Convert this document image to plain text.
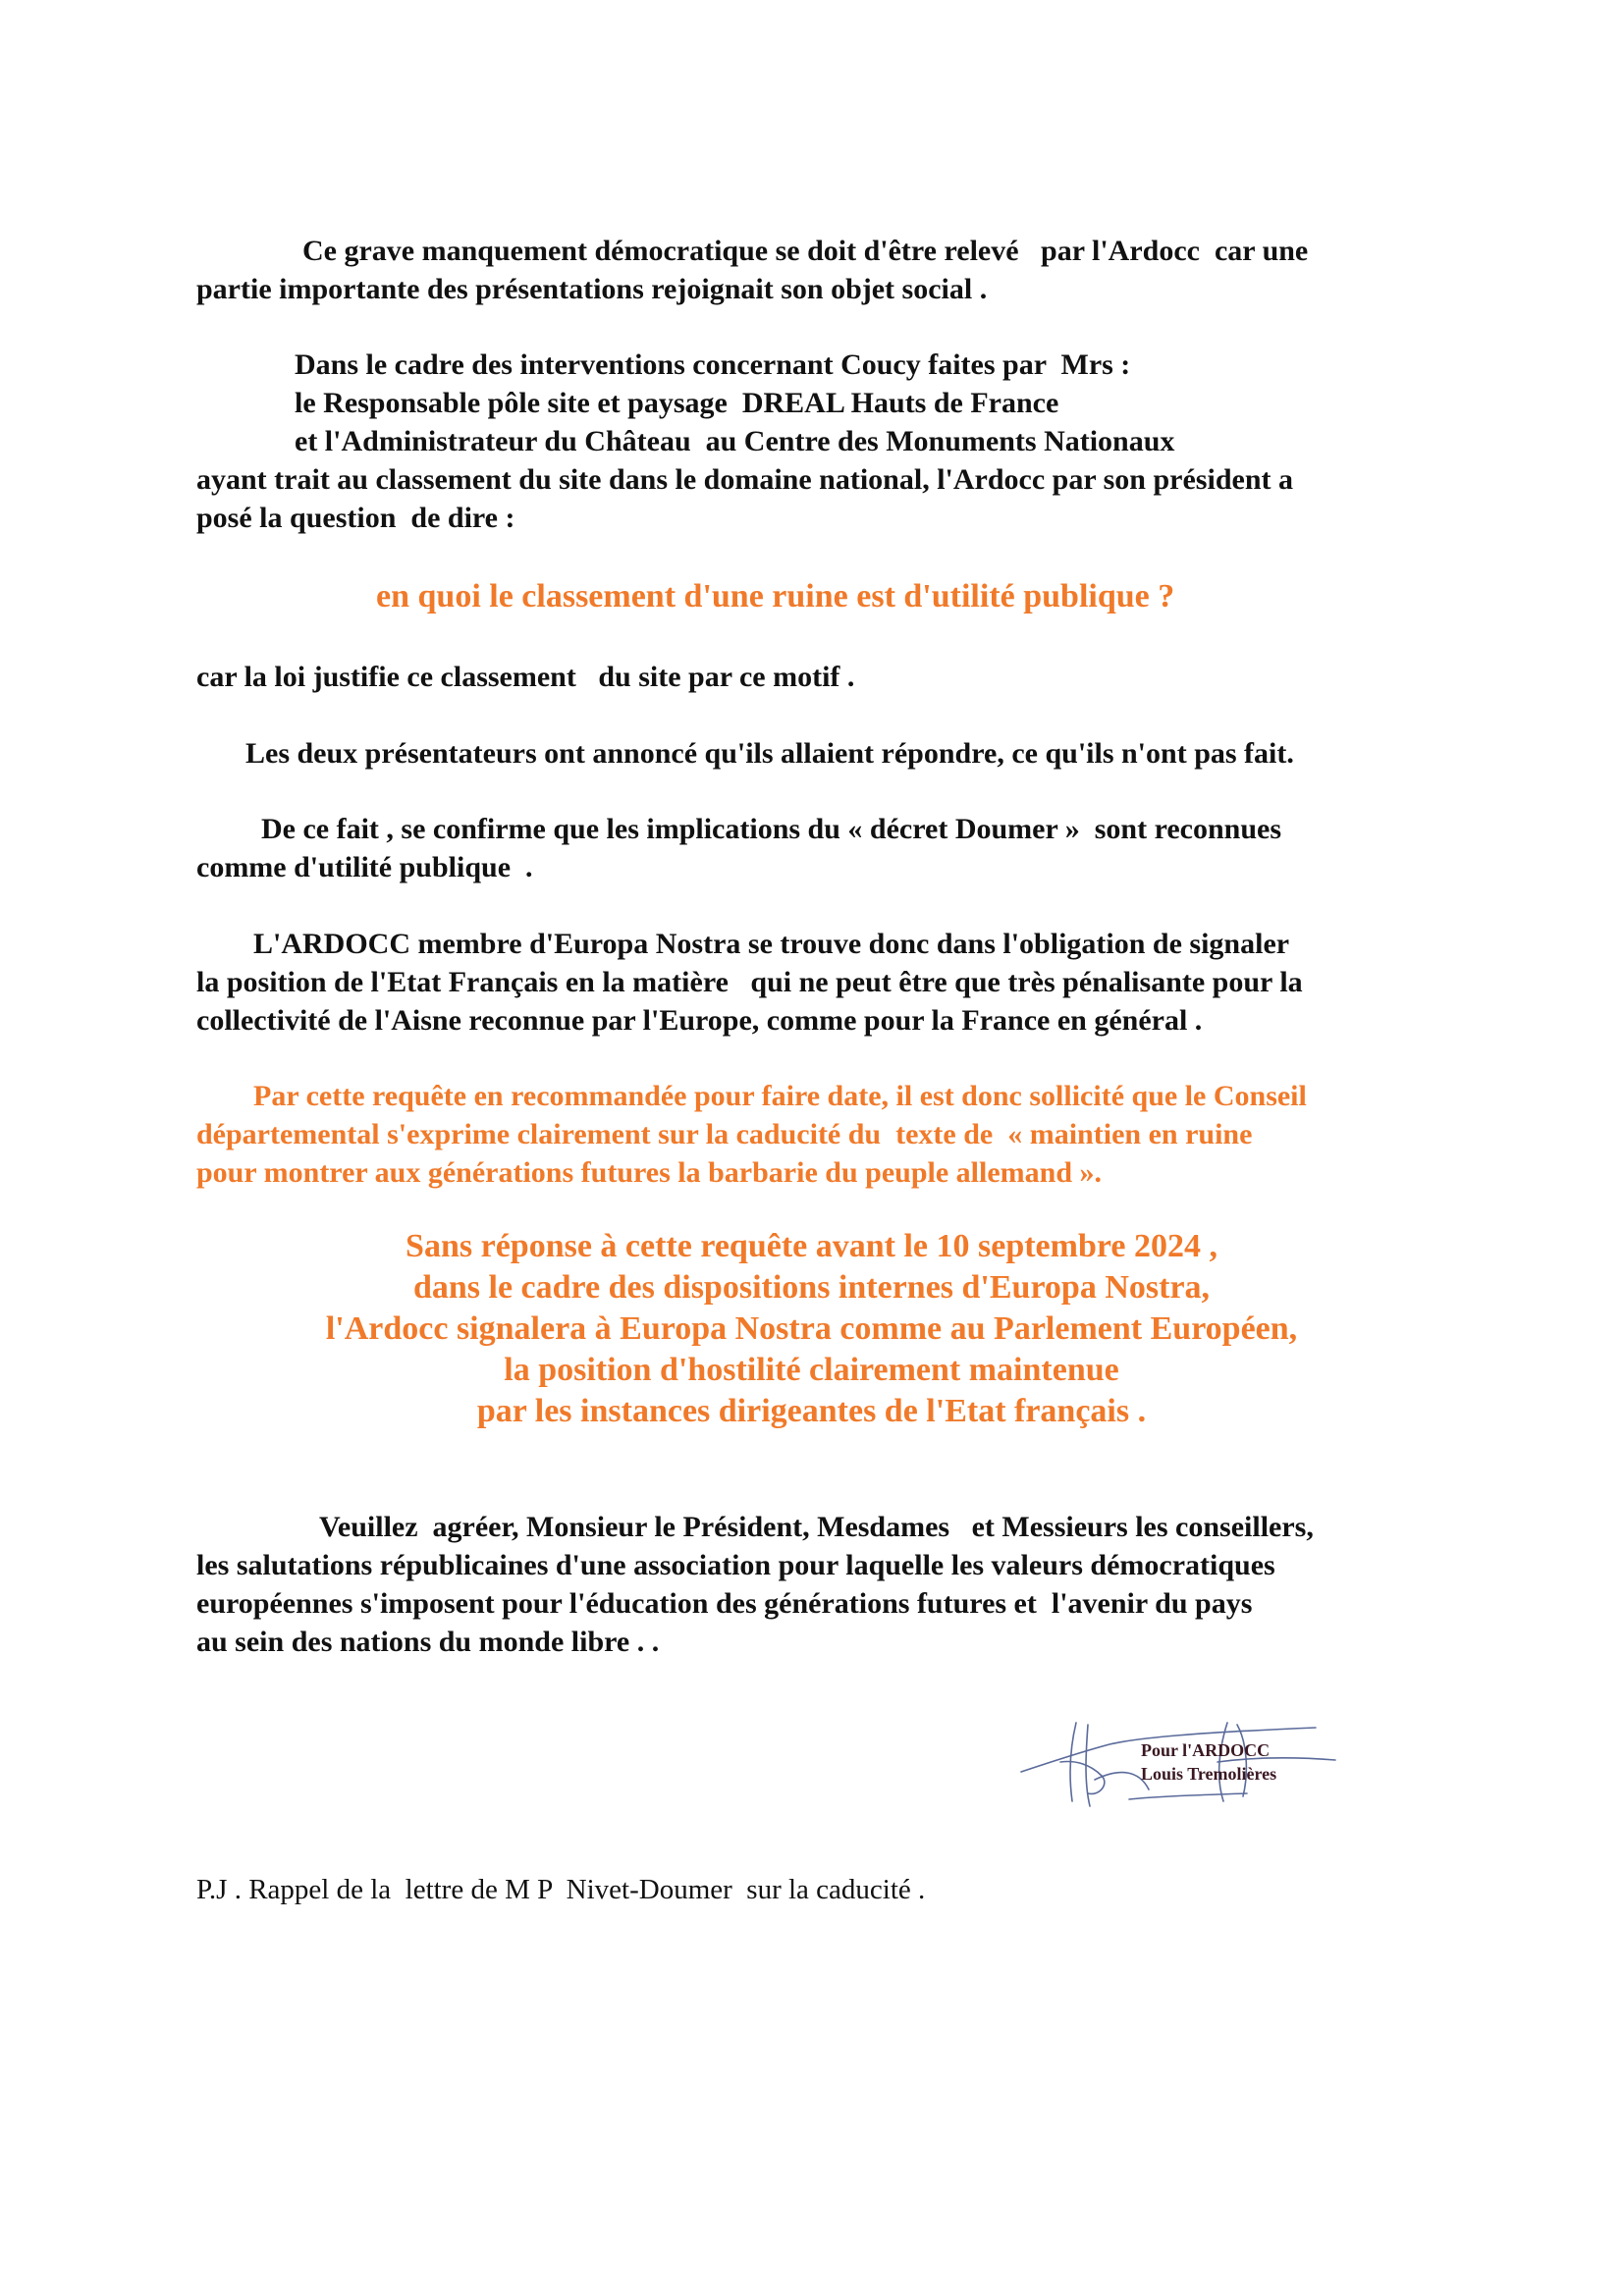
Ce grave manquement démocratique se doit d'être relevé   par l'Ardocc  car une
partie importante des présentations rejoignait son objet social .
Dans le cadre des interventions concernant Coucy faites par  Mrs :
le Responsable pôle site et paysage  DREAL Hauts de France
et l'Administrateur du Château  au Centre des Monuments Nationaux
ayant trait au classement du site dans le domaine national, l'Ardocc par son président a
posé la question  de dire :
en quoi le classement d'une ruine est d'utilité publique ?
car la loi justifie ce classement   du site par ce motif .
Les deux présentateurs ont annoncé qu'ils allaient répondre, ce qu'ils n'ont pas fait.
De ce fait , se confirme que les implications du « décret Doumer »  sont reconnues
comme d'utilité publique  .
L'ARDOCC membre d'Europa Nostra se trouve donc dans l'obligation de signaler
la position de l'Etat Français en la matière   qui ne peut être que très pénalisante pour la
collectivité de l'Aisne reconnue par l'Europe, comme pour la France en général .
Par cette requête en recommandée pour faire date, il est donc sollicité que le Conseil
départemental s'exprime clairement sur la caducité du  texte de  « maintien en ruine
pour montrer aux générations futures la barbarie du peuple allemand ».
Sans réponse à cette requête avant le 10 septembre 2024 ,
dans le cadre des dispositions internes d'Europa Nostra,
l'Ardocc signalera à Europa Nostra comme au Parlement Européen,
la position d'hostilité clairement maintenue
par les instances dirigeantes de l'Etat français .
Veuillez  agréer, Monsieur le Président, Mesdames   et Messieurs les conseillers,
les salutations républicaines d'une association pour laquelle les valeurs démocratiques
européennes s'imposent pour l'éducation des générations futures et  l'avenir du pays
au sein des nations du monde libre . .
Pour l'ARDOCC
Louis Tremolières
P.J . Rappel de la  lettre de M P  Nivet-Doumer  sur la caducité .
